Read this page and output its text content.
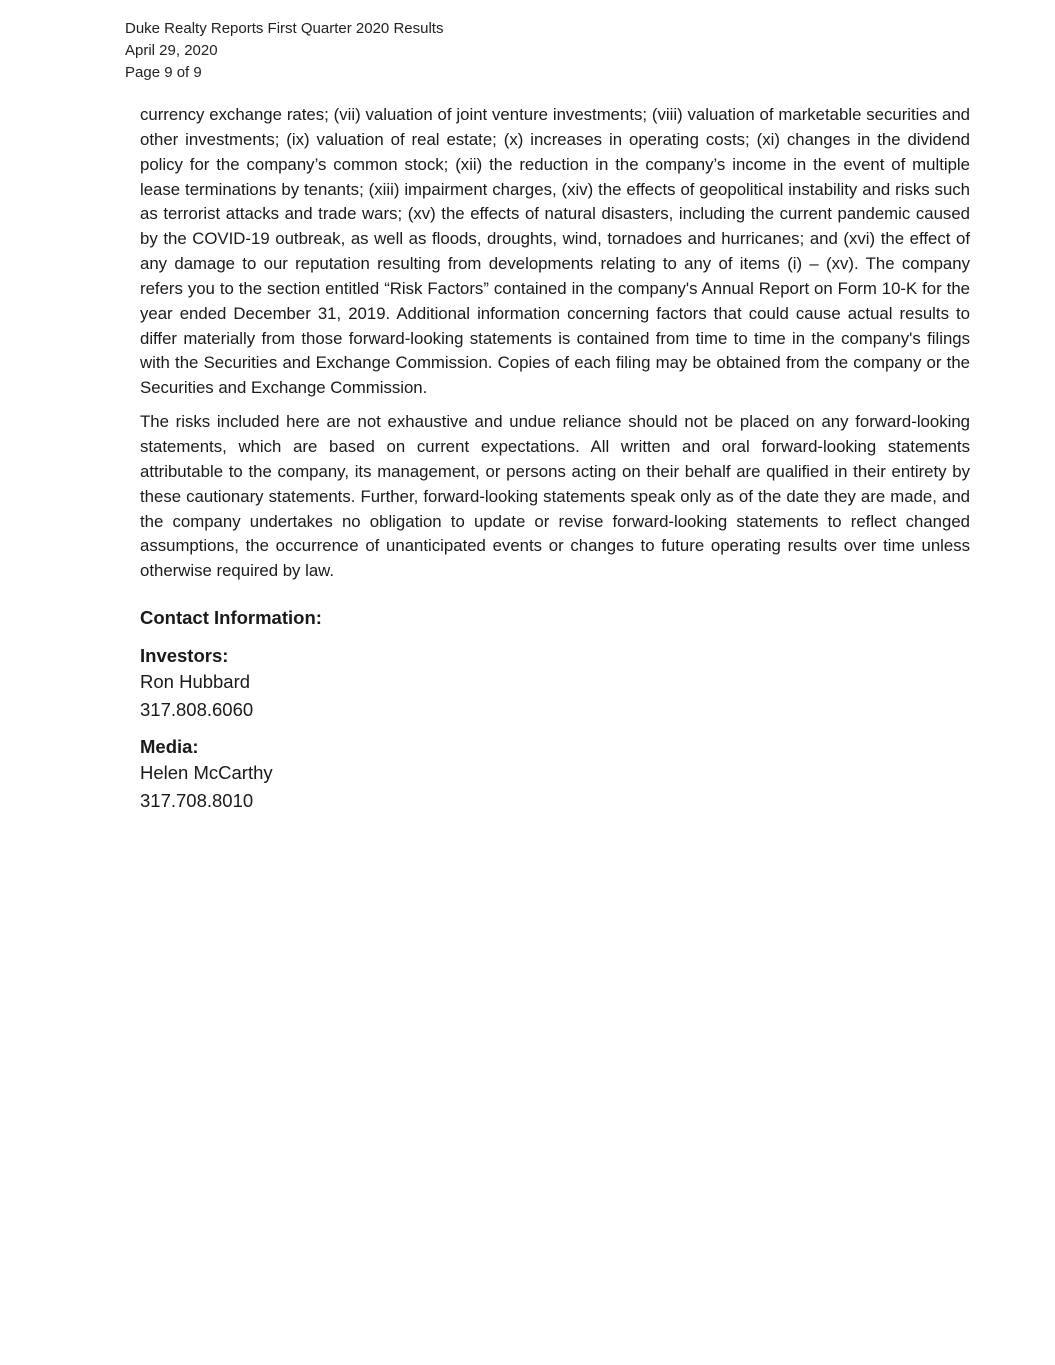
Duke Realty Reports First Quarter 2020 Results
April 29, 2020
Page 9 of 9

currency exchange rates; (vii) valuation of joint venture investments; (viii) valuation of marketable securities and other investments; (ix) valuation of real estate; (x) increases in operating costs; (xi) changes in the dividend policy for the company’s common stock; (xii) the reduction in the company’s income in the event of multiple lease terminations by tenants; (xiii) impairment charges, (xiv) the effects of geopolitical instability and risks such as terrorist attacks and trade wars; (xv) the effects of natural disasters, including the current pandemic caused by the COVID-19 outbreak, as well as floods, droughts, wind, tornadoes and hurricanes; and (xvi) the effect of any damage to our reputation resulting from developments relating to any of items (i) – (xv). The company refers you to the section entitled “Risk Factors” contained in the company's Annual Report on Form 10-K for the year ended December 31, 2019. Additional information concerning factors that could cause actual results to differ materially from those forward-looking statements is contained from time to time in the company's filings with the Securities and Exchange Commission. Copies of each filing may be obtained from the company or the Securities and Exchange Commission.

The risks included here are not exhaustive and undue reliance should not be placed on any forward-looking statements, which are based on current expectations. All written and oral forward-looking statements attributable to the company, its management, or persons acting on their behalf are qualified in their entirety by these cautionary statements. Further, forward-looking statements speak only as of the date they are made, and the company undertakes no obligation to update or revise forward-looking statements to reflect changed assumptions, the occurrence of unanticipated events or changes to future operating results over time unless otherwise required by law.

Contact Information:
Investors:
Ron Hubbard
317.808.6060
Media:
Helen McCarthy
317.708.8010
